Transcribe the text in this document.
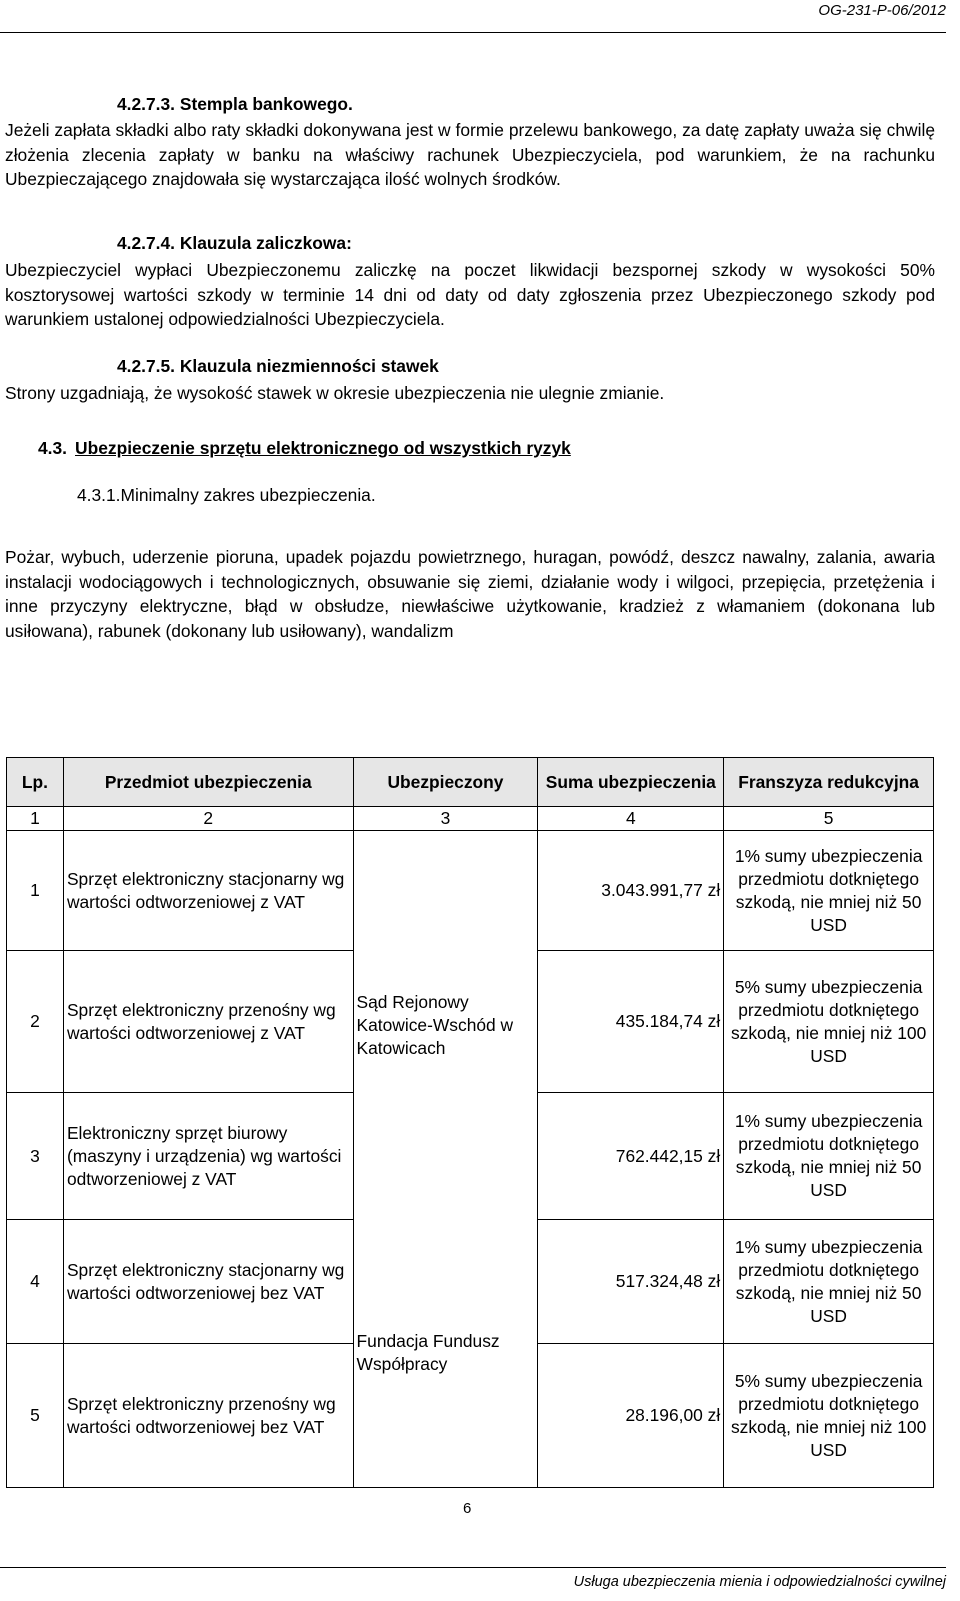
OG-231-P-06/2012
4.2.7.3. Stempla bankowego.
Jeżeli zapłata składki albo raty składki dokonywana jest w formie przelewu bankowego, za datę zapłaty uważa się chwilę złożenia zlecenia zapłaty w banku na właściwy rachunek Ubezpieczyciela, pod warunkiem, że na rachunku Ubezpieczającego znajdowała się wystarczająca ilość wolnych środków.
4.2.7.4. Klauzula zaliczkowa:
Ubezpieczyciel wypłaci Ubezpieczonemu zaliczkę na poczet likwidacji bezspornej szkody w wysokości 50% kosztorysowej wartości szkody w terminie 14 dni od daty od daty zgłoszenia przez Ubezpieczonego szkody pod warunkiem ustalonej odpowiedzialności Ubezpieczyciela.
4.2.7.5. Klauzula niezmienności stawek
Strony uzgadniają, że wysokość stawek w okresie ubezpieczenia nie ulegnie zmianie.
4.3. Ubezpieczenie sprzętu elektronicznego od wszystkich ryzyk
4.3.1.Minimalny zakres ubezpieczenia.
Pożar, wybuch, uderzenie pioruna, upadek pojazdu powietrznego, huragan, powódź, deszcz nawalny, zalania, awaria instalacji wodociągowych i technologicznych, obsuwanie się ziemi, działanie wody i wilgoci, przepięcia, przetężenia i inne przyczyny elektryczne, błąd w obsłudze, niewłaściwe użytkowanie, kradzież z włamaniem (dokonana lub usiłowana), rabunek (dokonany lub usiłowany), wandalizm
Lp.	Przedmiot ubezpieczenia	Ubezpieczony	Suma ubezpieczenia	Franszyza redukcyjna
1	2	3	4	5
1	Sprzęt elektroniczny stacjonarny wg wartości odtworzeniowej z VAT	Sąd Rejonowy Katowice-Wschód w Katowicach	3.043.991,77 zł	1% sumy ubezpieczenia przedmiotu dotkniętego szkodą, nie mniej niż 50 USD
2	Sprzęt elektroniczny przenośny wg wartości odtworzeniowej z VAT		435.184,74 zł	5% sumy ubezpieczenia przedmiotu dotkniętego szkodą, nie mniej niż 100 USD
3	Elektroniczny sprzęt biurowy (maszyny i urządzenia) wg wartości odtworzeniowej z VAT		762.442,15 zł	1% sumy ubezpieczenia przedmiotu dotkniętego szkodą, nie mniej niż 50 USD
4	Sprzęt elektroniczny stacjonarny wg wartości odtworzeniowej bez VAT	Fundacja Fundusz Współpracy	517.324,48 zł	1% sumy ubezpieczenia przedmiotu dotkniętego szkodą, nie mniej niż 50 USD
5	Sprzęt elektroniczny przenośny wg wartości odtworzeniowej bez VAT		28.196,00 zł	5% sumy ubezpieczenia przedmiotu dotkniętego szkodą, nie mniej niż 100 USD
6
Usługa ubezpieczenia mienia i odpowiedzialności cywilnej
